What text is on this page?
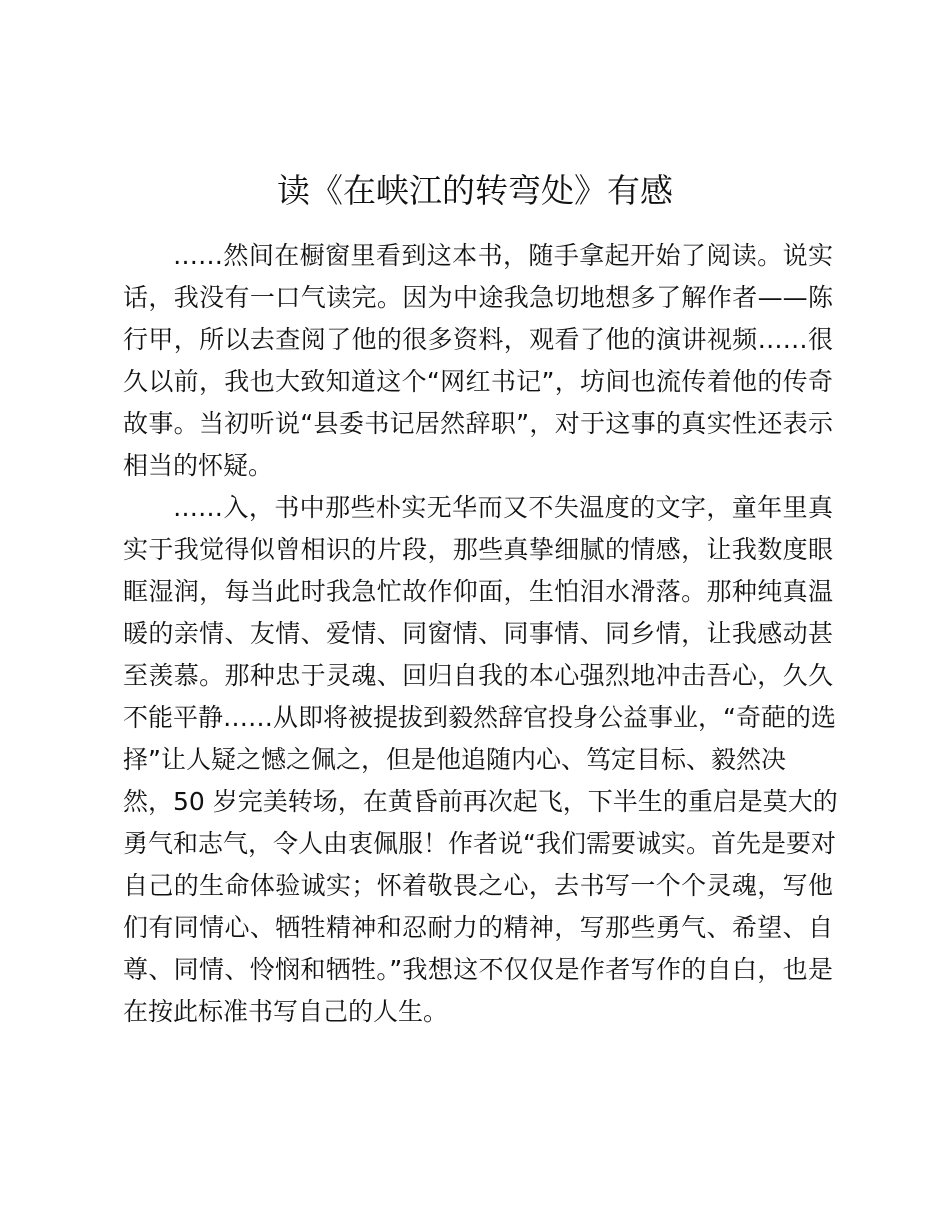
读《在峡江的转弯处》有感

……然间在橱窗里看到这本书，随手拿起开始了阅读。说实
话，我没有一口气读完。因为中途我急切地想多了解作者——陈
行甲，所以去查阅了他的很多资料，观看了他的演讲视频……很
久以前，我也大致知道这个“网红书记”，坊间也流传着他的传奇
故事。当初听说“县委书记居然辞职”，对于这事的真实性还表示
相当的怀疑。

……入，书中那些朴实无华而又不失温度的文字，童年里真
实于我觉得似曾相识的片段，那些真挚细腻的情感，让我数度眼
眶湿润，每当此时我急忙故作仰面，生怕泪水滑落。那种纯真温
暖的亲情、友情、爱情、同窗情、同事情、同乡情，让我感动甚
至羡慕。那种忠于灵魂、回归自我的本心强烈地冲击吾心，久久
不能平静……从即将被提拔到毅然辞官投身公益事业，“奇葩的选
择”让人疑之憾之佩之，但是他追随内心、笃定目标、毅然决
然，50 岁完美转场，在黄昏前再次起飞，下半生的重启是莫大的
勇气和志气，令人由衷佩服！作者说“我们需要诚实。首先是要对
自己的生命体验诚实；怀着敬畏之心，去书写一个个灵魂，写他
们有同情心、牺牲精神和忍耐力的精神，写那些勇气、希望、自
尊、同情、怜悯和牺牲。”我想这不仅仅是作者写作的自白，也是
在按此标准书写自己的人生。
